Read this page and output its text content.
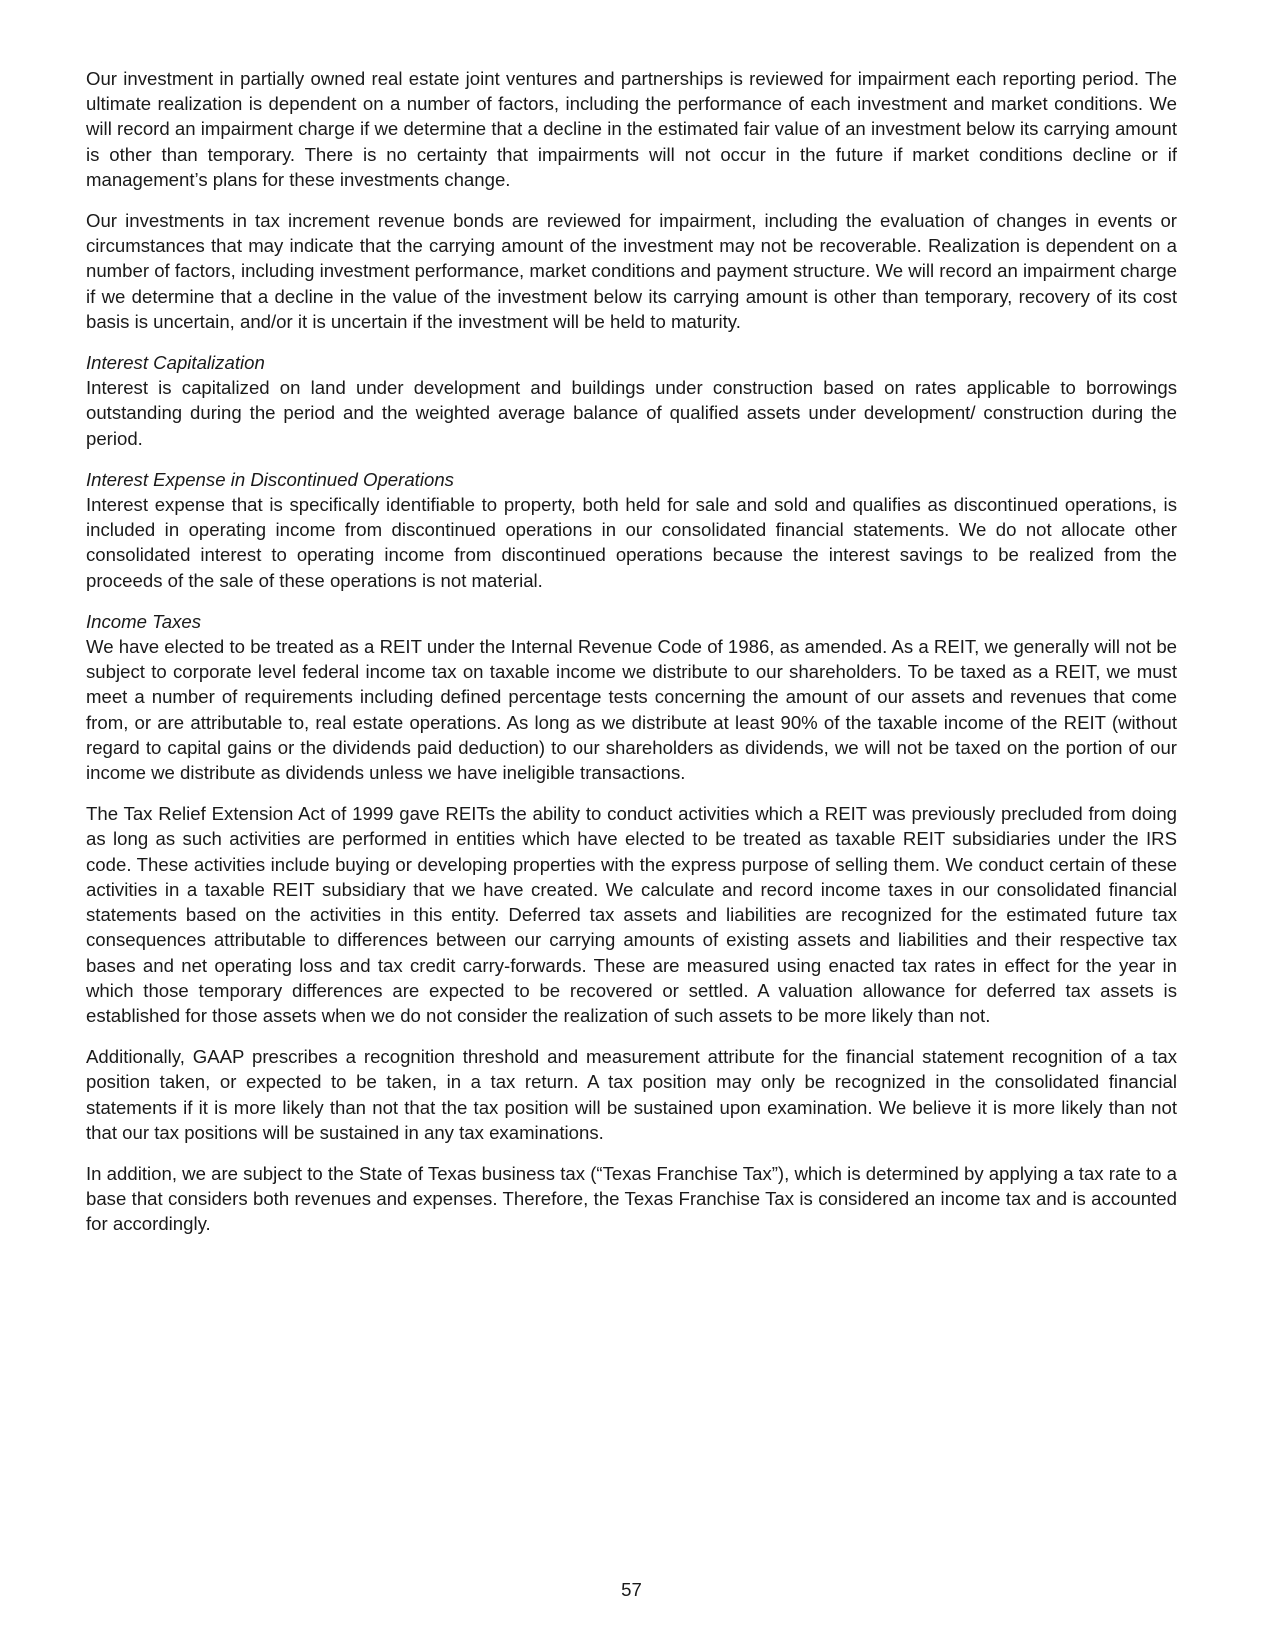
Our investment in partially owned real estate joint ventures and partnerships is reviewed for impairment each reporting period. The ultimate realization is dependent on a number of factors, including the performance of each investment and market conditions. We will record an impairment charge if we determine that a decline in the estimated fair value of an investment below its carrying amount is other than temporary. There is no certainty that impairments will not occur in the future if market conditions decline or if management’s plans for these investments change.

Our investments in tax increment revenue bonds are reviewed for impairment, including the evaluation of changes in events or circumstances that may indicate that the carrying amount of the investment may not be recoverable. Realization is dependent on a number of factors, including investment performance, market conditions and payment structure. We will record an impairment charge if we determine that a decline in the value of the investment below its carrying amount is other than temporary, recovery of its cost basis is uncertain, and/or it is uncertain if the investment will be held to maturity.

Interest Capitalization

Interest is capitalized on land under development and buildings under construction based on rates applicable to borrowings outstanding during the period and the weighted average balance of qualified assets under development/ construction during the period.

Interest Expense in Discontinued Operations

Interest expense that is specifically identifiable to property, both held for sale and sold and qualifies as discontinued operations, is included in operating income from discontinued operations in our consolidated financial statements. We do not allocate other consolidated interest to operating income from discontinued operations because the interest savings to be realized from the proceeds of the sale of these operations is not material.

Income Taxes

We have elected to be treated as a REIT under the Internal Revenue Code of 1986, as amended. As a REIT, we generally will not be subject to corporate level federal income tax on taxable income we distribute to our shareholders. To be taxed as a REIT, we must meet a number of requirements including defined percentage tests concerning the amount of our assets and revenues that come from, or are attributable to, real estate operations. As long as we distribute at least 90% of the taxable income of the REIT (without regard to capital gains or the dividends paid deduction) to our shareholders as dividends, we will not be taxed on the portion of our income we distribute as dividends unless we have ineligible transactions.

The Tax Relief Extension Act of 1999 gave REITs the ability to conduct activities which a REIT was previously precluded from doing as long as such activities are performed in entities which have elected to be treated as taxable REIT subsidiaries under the IRS code. These activities include buying or developing properties with the express purpose of selling them. We conduct certain of these activities in a taxable REIT subsidiary that we have created. We calculate and record income taxes in our consolidated financial statements based on the activities in this entity. Deferred tax assets and liabilities are recognized for the estimated future tax consequences attributable to differences between our carrying amounts of existing assets and liabilities and their respective tax bases and net operating loss and tax credit carry-forwards. These are measured using enacted tax rates in effect for the year in which those temporary differences are expected to be recovered or settled. A valuation allowance for deferred tax assets is established for those assets when we do not consider the realization of such assets to be more likely than not.

Additionally, GAAP prescribes a recognition threshold and measurement attribute for the financial statement recognition of a tax position taken, or expected to be taken, in a tax return. A tax position may only be recognized in the consolidated financial statements if it is more likely than not that the tax position will be sustained upon examination. We believe it is more likely than not that our tax positions will be sustained in any tax examinations.

In addition, we are subject to the State of Texas business tax (“Texas Franchise Tax”), which is determined by applying a tax rate to a base that considers both revenues and expenses. Therefore, the Texas Franchise Tax is considered an income tax and is accounted for accordingly.

57
